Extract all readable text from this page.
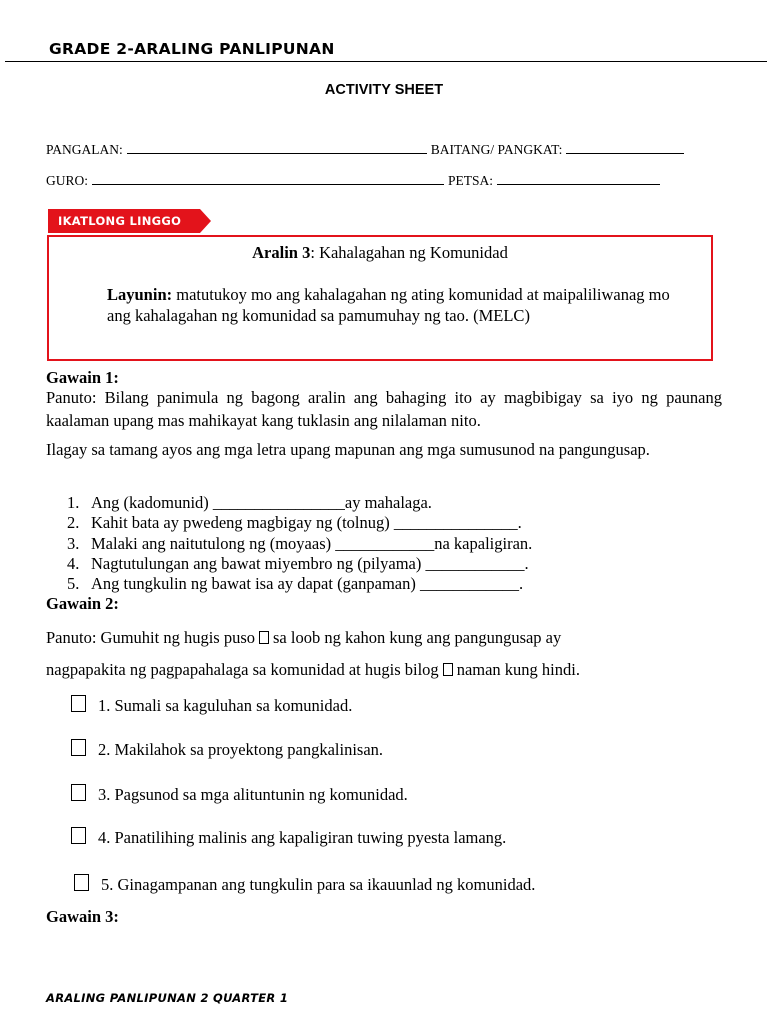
GRADE 2-ARALING PANLIPUNAN
ACTIVITY SHEET
PANGALAN:	BAITANG/ PANGKAT:
GURO:	PETSA:
IKATLONG LINGGO
Aralin 3: Kahalagahan ng Komunidad
Layunin: matutukoy mo ang kahalagahan ng ating komunidad at maipaliliwanag mo ang kahalagahan ng komunidad sa pamumuhay ng tao. (MELC)
Gawain 1:
Panuto: Bilang panimula ng bagong aralin ang bahaging ito ay magbibigay sa iyo ng paunang kaalaman upang mas mahikayat kang tuklasin ang nilalaman nito.
Ilagay sa tamang ayos ang mga letra upang mapunan ang mga sumusunod na pangungusap.
1. Ang (kadomunid) ________________ay mahalaga.
2. Kahit bata ay pwedeng magbigay ng (tolnug) _______________.
3. Malaki ang naitutulong ng (moyaas) ____________na kapaligiran.
4. Nagtutulungan ang bawat miyembro ng (pilyama) ____________.
5. Ang tungkulin ng bawat isa ay dapat (ganpaman) ____________.
Gawain 2:
Panuto: Gumuhit ng hugis puso sa loob ng kahon kung ang pangungusap ay
nagpapakita ng pagpapahalaga sa komunidad at hugis bilog naman kung hindi.
1. Sumali sa kaguluhan sa komunidad.
2. Makilahok sa proyektong pangkalinisan.
3. Pagsunod sa mga alituntunin ng komunidad.
4. Panatilihing malinis ang kapaligiran tuwing pyesta lamang.
5. Ginagampanan ang tungkulin para sa ikauunlad ng komunidad.
Gawain 3:
ARALING PANLIPUNAN 2 QUARTER 1
